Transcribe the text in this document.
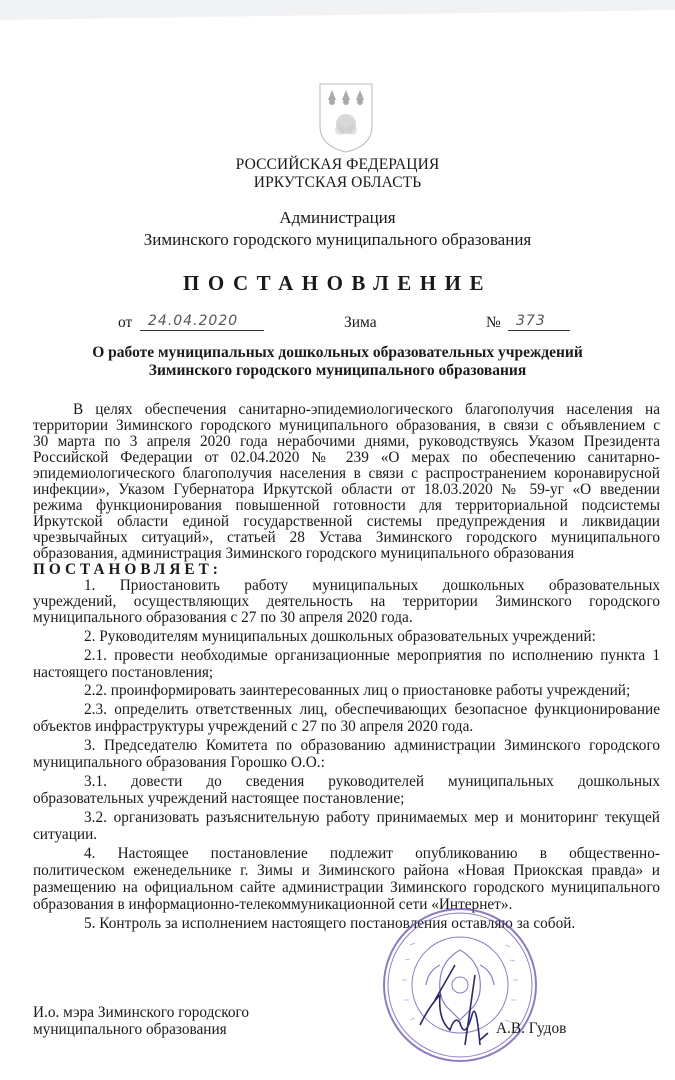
РОССИЙСКАЯ ФЕДЕРАЦИЯ
ИРКУТСКАЯ ОБЛАСТЬ
Администрация
Зиминского городского муниципального образования
ПОСТАНОВЛЕНИЕ
от 24.04.2020	Зима	№ 373
О работе муниципальных дошкольных образовательных учреждений
Зиминского городского муниципального образования
В целях обеспечения санитарно-эпидемиологического благополучия населения на
территории Зиминского городского муниципального образования, в связи с объявлением с
30 марта по 3 апреля 2020 года нерабочими днями, руководствуясь Указом Президента
Российской Федерации от 02.04.2020 № 239 «О мерах по обеспечению санитарно-
эпидемиологического благополучия населения в связи с распространением коронавирусной
инфекции», Указом Губернатора Иркутской области от 18.03.2020 № 59-уг «О введении
режима функционирования повышенной готовности для территориальной подсистемы
Иркутской области единой государственной системы предупреждения и ликвидации
чрезвычайных ситуаций», статьей 28 Устава Зиминского городского муниципального
образования, администрация Зиминского городского муниципального образования
ПОСТАНОВЛЯЕТ:
1. Приостановить работу муниципальных дошкольных образовательных
учреждений, осуществляющих деятельность на территории Зиминского городского
муниципального образования с 27 по 30 апреля 2020 года.
2. Руководителям муниципальных дошкольных образовательных учреждений:
2.1. провести необходимые организационные мероприятия по исполнению пункта 1
настоящего постановления;
2.2. проинформировать заинтересованных лиц о приостановке работы учреждений;
2.3. определить ответственных лиц, обеспечивающих безопасное функционирование
объектов инфраструктуры учреждений с 27 по 30 апреля 2020 года.
3. Председателю Комитета по образованию администрации Зиминского городского
муниципального образования Горошко О.О.:
3.1. довести до сведения руководителей муниципальных дошкольных
образовательных учреждений настоящее постановление;
3.2. организовать разъяснительную работу принимаемых мер и мониторинг текущей
ситуации.
4. Настоящее постановление подлежит опубликованию в общественно-
политическом еженедельнике г. Зимы и Зиминского района «Новая Приокская правда» и
размещению на официальном сайте администрации Зиминского городского муниципального
образования в информационно-телекоммуникационной сети «Интернет».
5. Контроль за исполнением настоящего постановления оставляю за собой.
И.о. мэра Зиминского городского
муниципального образования	А.В. Гудов
